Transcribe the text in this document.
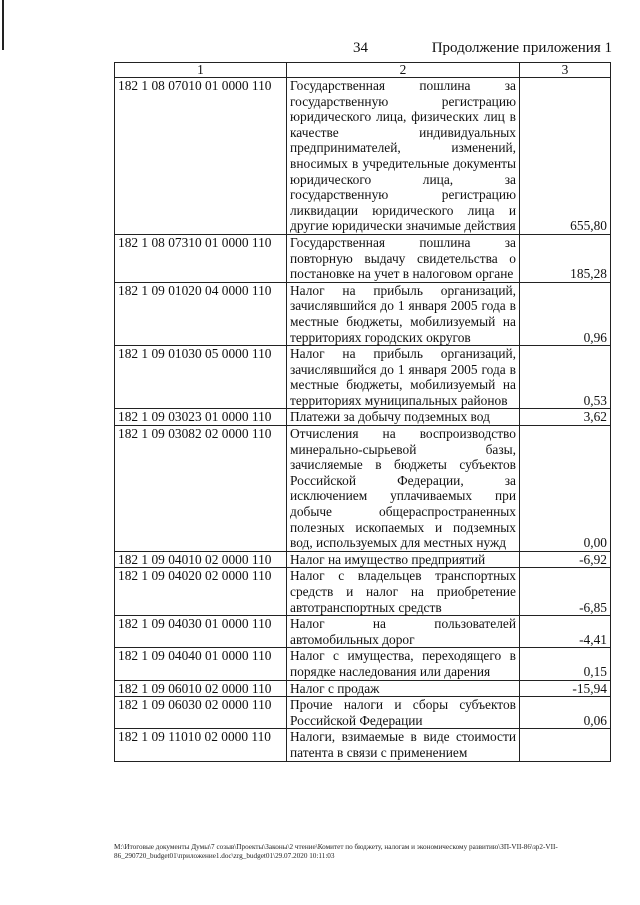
34	Продолжение приложения 1
1	2	3
182 1 08 07010 01 0000 110	Государственная пошлина за государственную регистрацию юридического лица, физических лиц в качестве индивидуальных предпринимателей, изменений, вносимых в учредительные документы юридического лица, за государственную регистрацию ликвидации юридического лица и другие юридически значимые действия	655,80
182 1 08 07310 01 0000 110	Государственная пошлина за повторную выдачу свидетельства о постановке на учет в налоговом органе	185,28
182 1 09 01020 04 0000 110	Налог на прибыль организаций, зачислявшийся до 1 января 2005 года в местные бюджеты, мобилизуемый на территориях городских округов	0,96
182 1 09 01030 05 0000 110	Налог на прибыль организаций, зачислявшийся до 1 января 2005 года в местные бюджеты, мобилизуемый на территориях муниципальных районов	0,53
182 1 09 03023 01 0000 110	Платежи за добычу подземных вод	3,62
182 1 09 03082 02 0000 110	Отчисления на воспроизводство минерально-сырьевой базы, зачисляемые в бюджеты субъектов Российской Федерации, за исключением уплачиваемых при добыче общераспространенных полезных ископаемых и подземных вод, используемых для местных нужд	0,00
182 1 09 04010 02 0000 110	Налог на имущество предприятий	-6,92
182 1 09 04020 02 0000 110	Налог с владельцев транспортных средств и налог на приобретение автотранспортных средств	-6,85
182 1 09 04030 01 0000 110	Налог на пользователей автомобильных дорог	-4,41
182 1 09 04040 01 0000 110	Налог с имущества, переходящего в порядке наследования или дарения	0,15
182 1 09 06010 02 0000 110	Налог с продаж	-15,94
182 1 09 06030 02 0000 110	Прочие налоги и сборы субъектов Российской Федерации	0,06
182 1 09 11010 02 0000 110	Налоги, взимаемые в виде стоимости патента в связи с применением	
M:\Итоговые документы Думы\7 созыв\Проекты\Законы\2 чтение\Комитет по бюджету, налогам и экономическому развитию\ЗП-VII-86\зр2-VII-86_290720_budget01\приложение1.doc\zrg_budget01\29.07.2020 10:11:03
